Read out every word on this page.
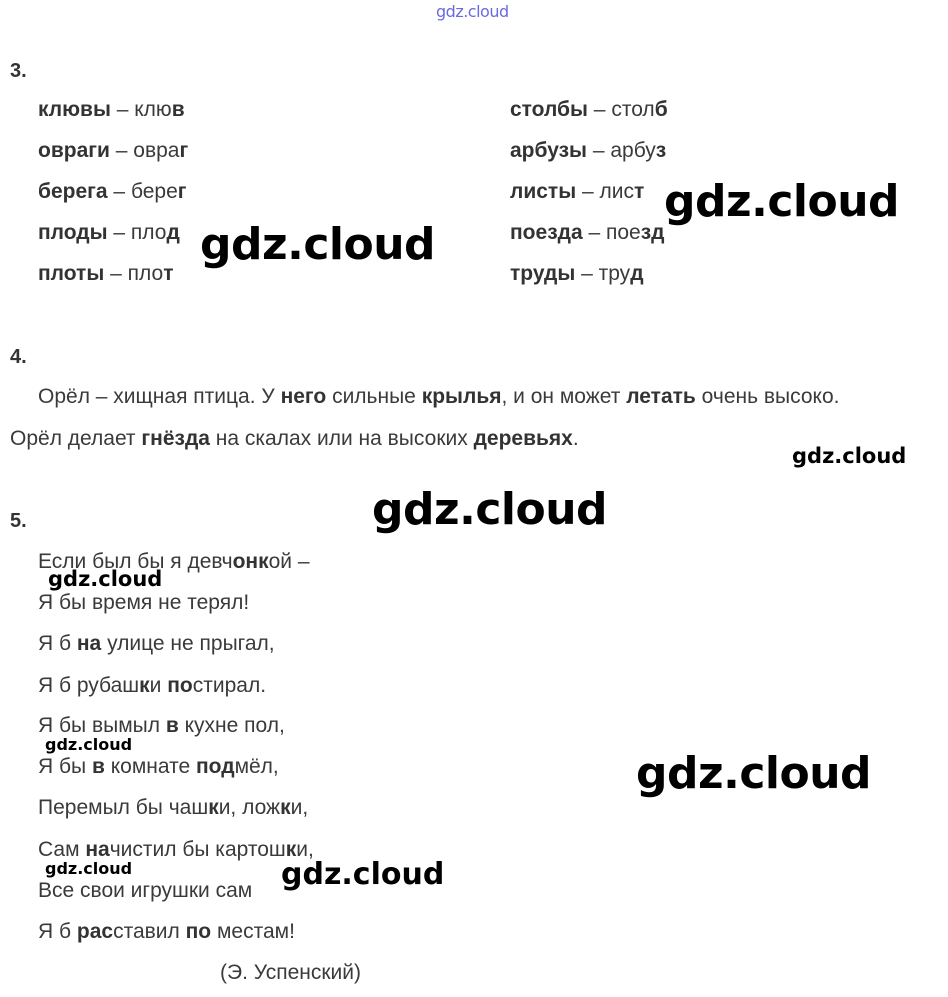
gdz.cloud
3.
клювы – клюв
овраги – овраг
берега – берег
плоды – плод
плоты – плот
столбы – столб
арбузы – арбуз
листы – лист
поезда – поезд
труды – труд
4.
Орёл – хищная птица. У него сильные крылья, и он может летать очень высоко.
Орёл делает гнёзда на скалах или на высоких деревьях.
5.
Если был бы я девчонкой –
Я бы время не терял!
Я б на улице не прыгал,
Я б рубашки постирал.
Я бы вымыл в кухне пол,
Я бы в комнате подмёл,
Перемыл бы чашки, ложки,
Сам начистил бы картошки,
Все свои игрушки сам
Я б расставил по местам!
(Э. Успенский)
gdz.cloud
gdz.cloud
gdz.cloud
gdz.cloud
gdz.cloud
gdz.cloud
gdz.cloud
gdz.cloud	gdz.cloud
